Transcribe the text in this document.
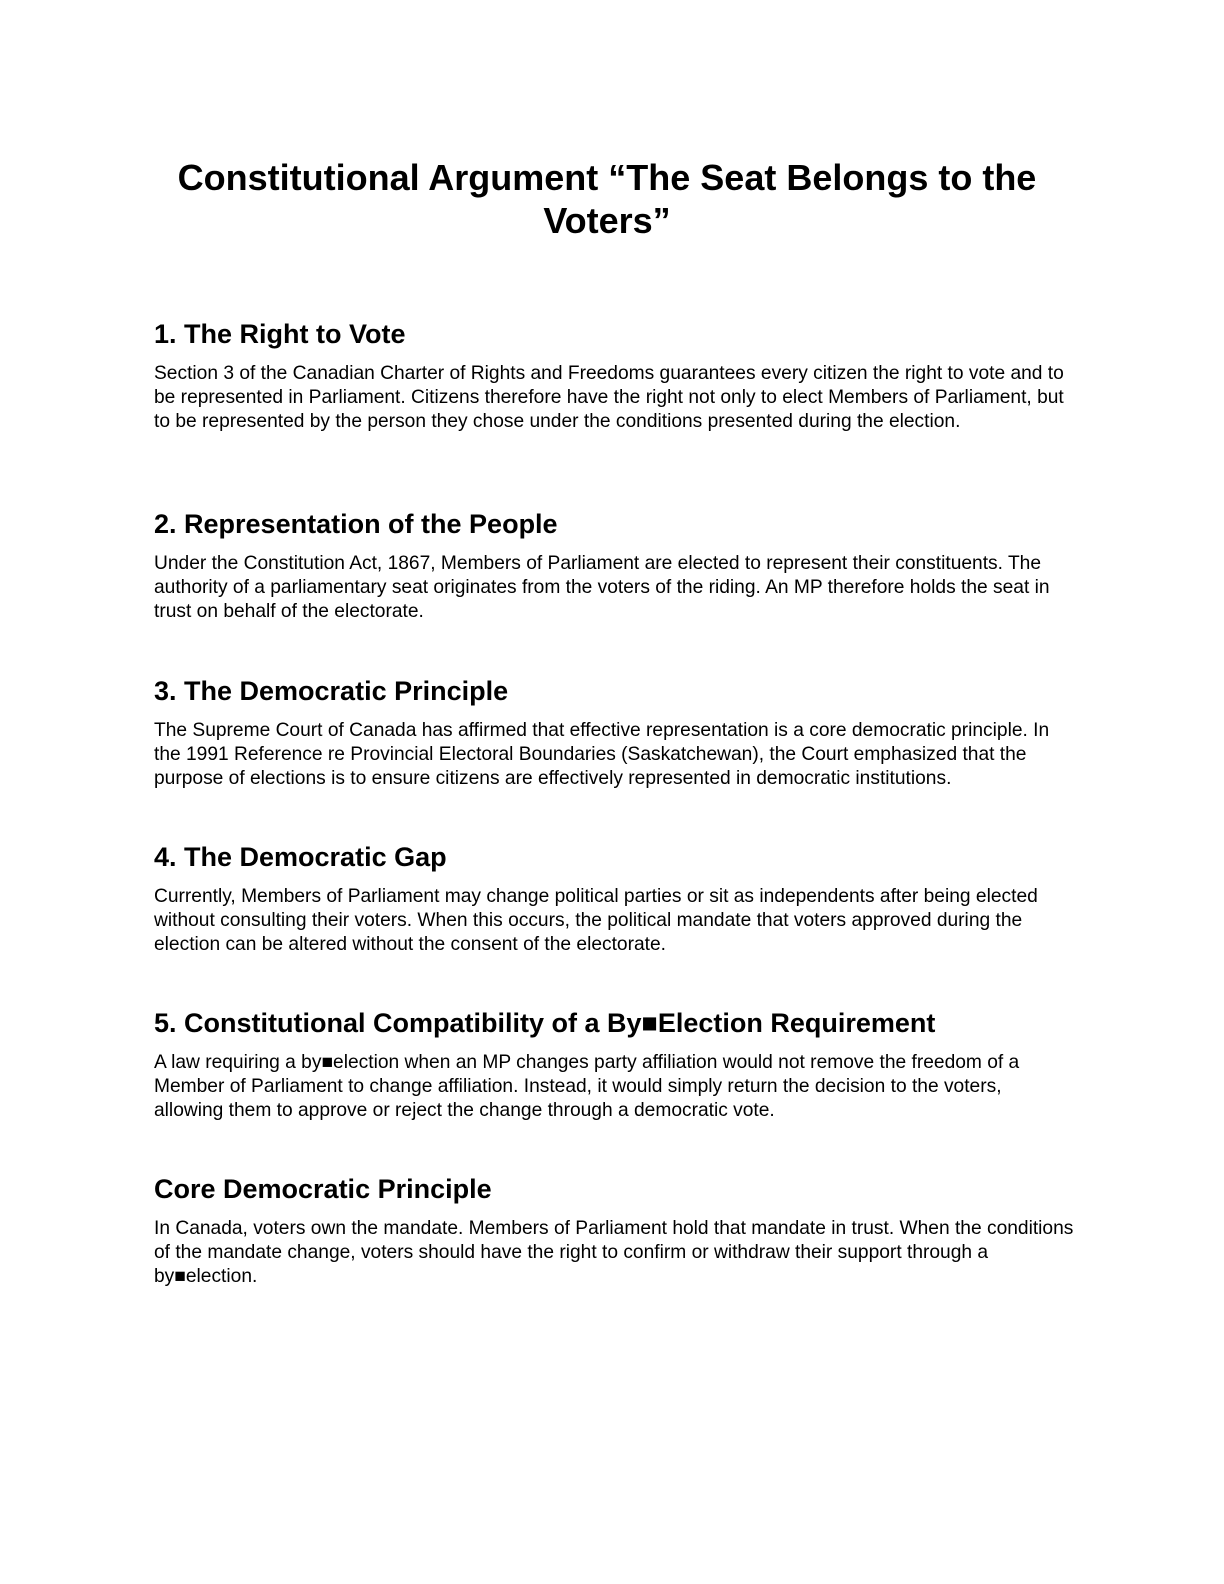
Constitutional Argument “The Seat Belongs to the Voters”
1. The Right to Vote

Section 3 of the Canadian Charter of Rights and Freedoms guarantees every citizen the right to vote and to be represented in Parliament. Citizens therefore have the right not only to elect Members of Parliament, but to be represented by the person they chose under the conditions presented during the election.

2. Representation of the People

Under the Constitution Act, 1867, Members of Parliament are elected to represent their constituents. The authority of a parliamentary seat originates from the voters of the riding. An MP therefore holds the seat in trust on behalf of the electorate.

3. The Democratic Principle

The Supreme Court of Canada has affirmed that effective representation is a core democratic principle. In the 1991 Reference re Provincial Electoral Boundaries (Saskatchewan), the Court emphasized that the purpose of elections is to ensure citizens are effectively represented in democratic institutions.

4. The Democratic Gap

Currently, Members of Parliament may change political parties or sit as independents after being elected without consulting their voters. When this occurs, the political mandate that voters approved during the election can be altered without the consent of the electorate.

5. Constitutional Compatibility of a By■Election Requirement

A law requiring a by■election when an MP changes party affiliation would not remove the freedom of a Member of Parliament to change affiliation. Instead, it would simply return the decision to the voters, allowing them to approve or reject the change through a democratic vote.

Core Democratic Principle

In Canada, voters own the mandate. Members of Parliament hold that mandate in trust. When the conditions of the mandate change, voters should have the right to confirm or withdraw their support through a by■election.
